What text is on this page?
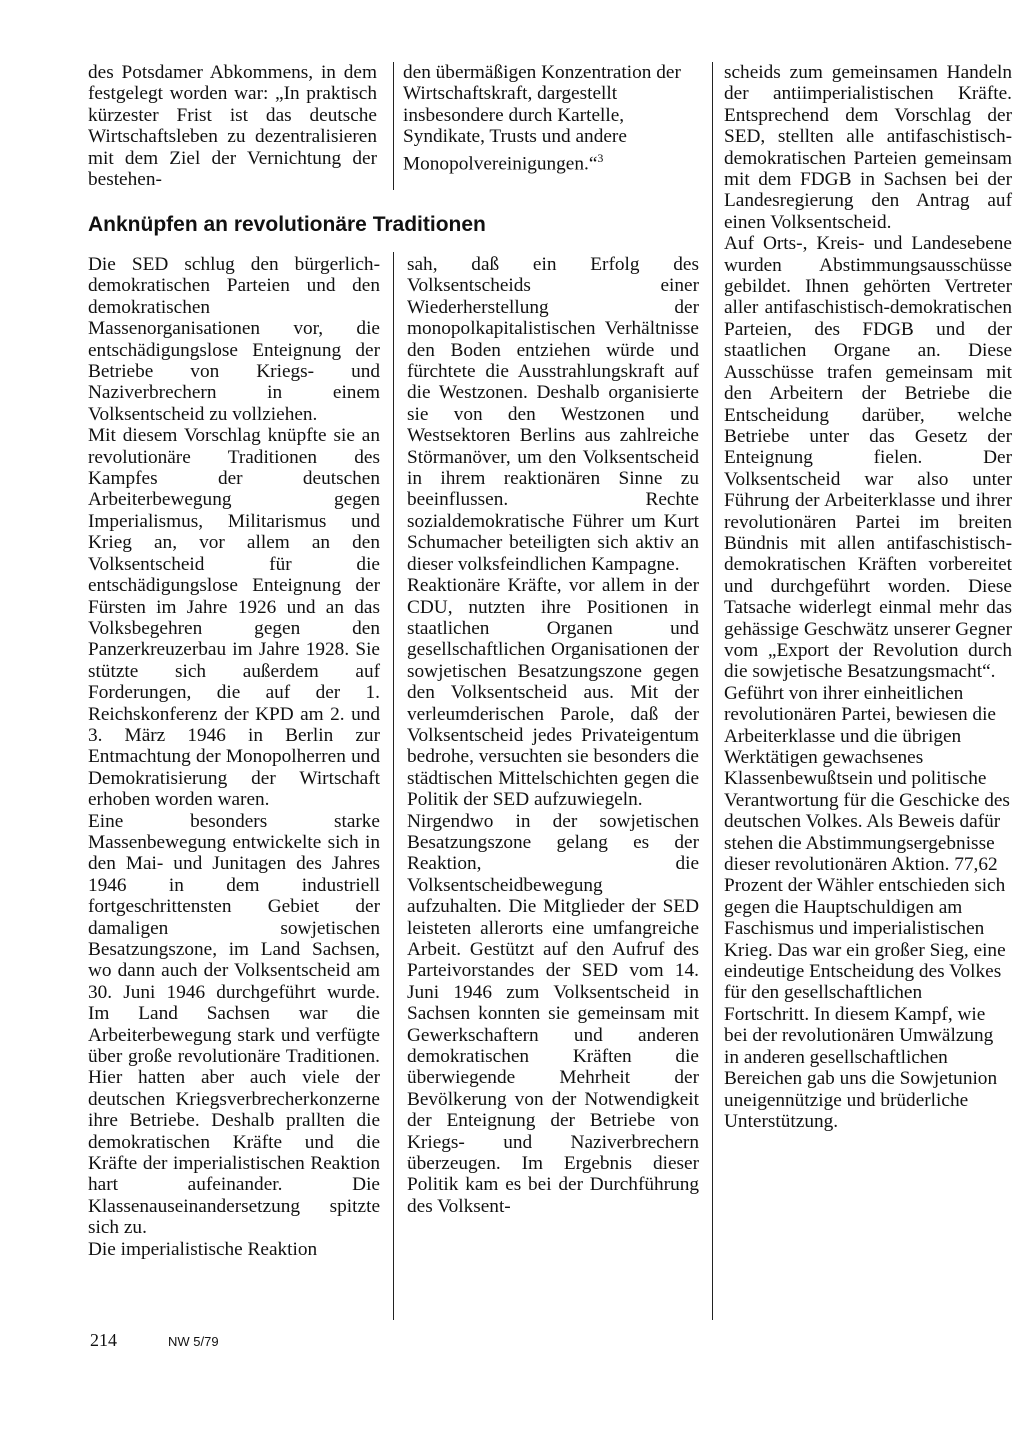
des Potsdamer Abkommens, in dem festgelegt worden war: „In praktisch kürzester Frist ist das deutsche Wirtschaftsleben zu dezentralisieren mit dem Ziel der Vernichtung der bestehen-

den übermäßigen Konzentration der Wirtschaftskraft, dargestellt insbesondere durch Kartelle, Syndikate, Trusts und andere Monopolvereinigungen.“$^3$

Anknüpfen an revolutionäre Traditionen

Die SED schlug den bürgerlich-demokratischen Parteien und den demokratischen Massenorganisationen vor, die entschädigungslose Enteignung der Betriebe von Kriegs- und Naziverbrechern in einem Volksentscheid zu vollziehen.

Mit diesem Vorschlag knüpfte sie an revolutionäre Traditionen des Kampfes der deutschen Arbeiterbewegung gegen Imperialismus, Militarismus und Krieg an, vor allem an den Volksentscheid für die entschädigungslose Enteignung der Fürsten im Jahre 1926 und an das Volksbegehren gegen den Panzerkreuzerbau im Jahre 1928. Sie stützte sich außerdem auf Forderungen, die auf der 1. Reichskonferenz der KPD am 2. und 3. März 1946 in Berlin zur Entmachtung der Monopolherren und Demokratisierung der Wirtschaft erhoben worden waren.

Eine besonders starke Massenbewegung entwickelte sich in den Mai- und Junitagen des Jahres 1946 in dem industriell fortgeschrittensten Gebiet der damaligen sowjetischen Besatzungszone, im Land Sachsen, wo dann auch der Volksentscheid am 30. Juni 1946 durchgeführt wurde. Im Land Sachsen war die Arbeiterbewegung stark und verfügte über große revolutionäre Traditionen. Hier hatten aber auch viele der deutschen Kriegsverbrecherkonzerne ihre Betriebe. Deshalb prallten die demokratischen Kräfte und die Kräfte der imperialistischen Reaktion hart aufeinander. Die Klassenauseinandersetzung spitzte sich zu.

Die imperialistische Reaktion

sah, daß ein Erfolg des Volksentscheids einer Wiederherstellung der monopolkapitalistischen Verhältnisse den Boden entziehen würde und fürchtete die Ausstrahlungskraft auf die Westzonen. Deshalb organisierte sie von den Westzonen und Westsektoren Berlins aus zahlreiche Störmanöver, um den Volksentscheid in ihrem reaktionären Sinne zu beeinflussen. Rechte sozialdemokratische Führer um Kurt Schumacher beteiligten sich aktiv an dieser volksfeindlichen Kampagne.

Reaktionäre Kräfte, vor allem in der CDU, nutzten ihre Positionen in staatlichen Organen und gesellschaftlichen Organisationen der sowjetischen Besatzungszone gegen den Volksentscheid aus. Mit der verleumderischen Parole, daß der Volksentscheid jedes Privateigentum bedrohe, versuchten sie besonders die städtischen Mittelschichten gegen die Politik der SED aufzuwiegeln.

Nirgendwo in der sowjetischen Besatzungszone gelang es der Reaktion, die Volksentscheidbewegung aufzuhalten. Die Mitglieder der SED leisteten allerorts eine umfangreiche Arbeit. Gestützt auf den Aufruf des Parteivorstandes der SED vom 14. Juni 1946 zum Volksentscheid in Sachsen konnten sie gemeinsam mit Gewerkschaftern und anderen demokratischen Kräften die überwiegende Mehrheit der Bevölkerung von der Notwendigkeit der Enteignung der Betriebe von Kriegs- und Naziverbrechern überzeugen. Im Ergebnis dieser Politik kam es bei der Durchführung des Volksent-

scheids zum gemeinsamen Handeln der antiimperialistischen Kräfte. Entsprechend dem Vorschlag der SED, stellten alle antifaschistisch-demokratischen Parteien gemeinsam mit dem FDGB in Sachsen bei der Landesregierung den Antrag auf einen Volksentscheid.

Auf Orts-, Kreis- und Landesebene wurden Abstimmungsausschüsse gebildet. Ihnen gehörten Vertreter aller antifaschistisch-demokratischen Parteien, des FDGB und der staatlichen Organe an. Diese Ausschüsse trafen gemeinsam mit den Arbeitern der Betriebe die Entscheidung darüber, welche Betriebe unter das Gesetz der Enteignung fielen. Der Volksentscheid war also unter Führung der Arbeiterklasse und ihrer revolutionären Partei im breiten Bündnis mit allen antifaschistisch-demokratischen Kräften vorbereitet und durchgeführt worden. Diese Tatsache widerlegt einmal mehr das gehässige Geschwätz unserer Gegner vom „Export der Revolution durch die sowjetische Besatzungsmacht“.

Geführt von ihrer einheitlichen revolutionären Partei, bewiesen die Arbeiterklasse und die übrigen Werktätigen gewachsenes Klassenbewußtsein und politische Verantwortung für die Geschicke des deutschen Volkes. Als Beweis dafür stehen die Abstimmungsergebnisse dieser revolutionären Aktion. 77,62 Prozent der Wähler entschieden sich gegen die Hauptschuldigen am Faschismus und imperialistischen Krieg. Das war ein großer Sieg, eine eindeutige Entscheidung des Volkes für den gesellschaftlichen Fortschritt. In diesem Kampf, wie bei der revolutionären Umwälzung in anderen gesellschaftlichen Bereichen gab uns die Sowjetunion uneigennützige und brüderliche Unterstützung.

214	NW 5/79
